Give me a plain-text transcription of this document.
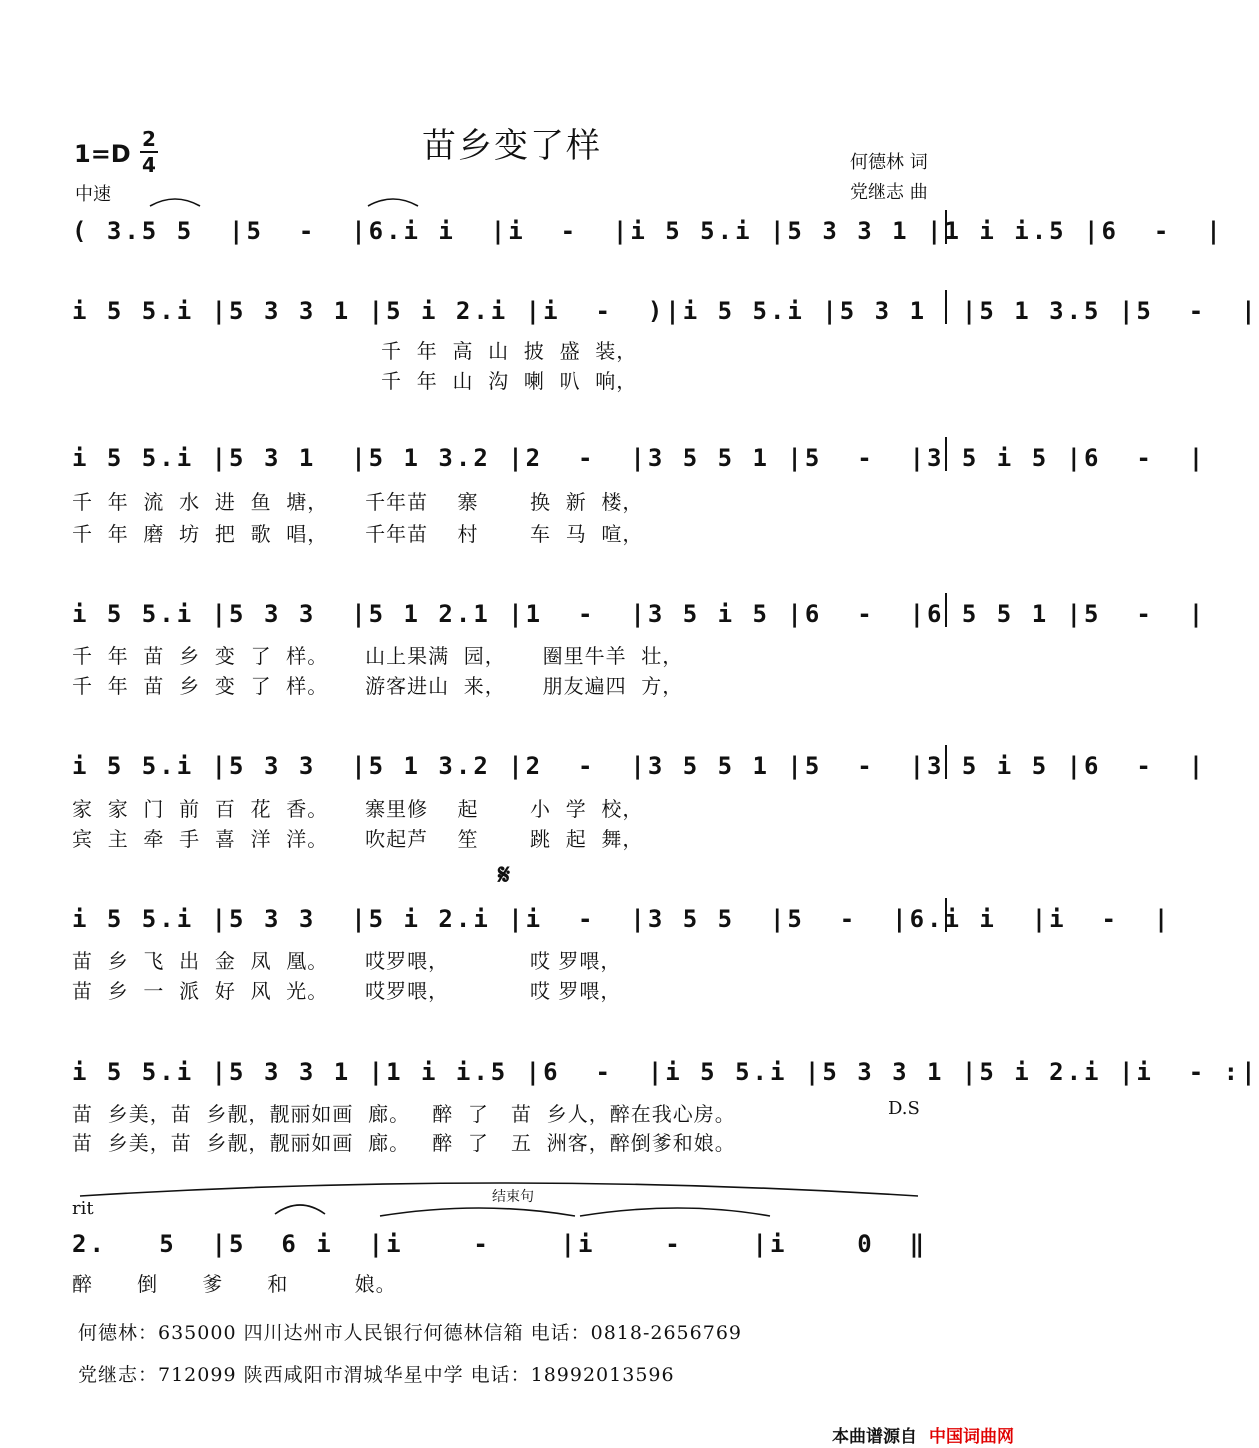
苗乡变了样
1=D
2
4
中速
何德林 词
党继志 曲
( 3.5 5  |5  -  |6.i i  |i  -  |i 5 5.i |5 3 3 1 |1 i i.5 |6  -  |
i 5 5.i |5 3 3 1 |5 i 2.i |i  -  )|i 5 5.i |5 3 1  |5 1 3.5 |5  -  |
千  年  高  山  披  盛  装，
千  年  山  沟  喇  叭  响，
i 5 5.i |5 3 1  |5 1 3.2 |2  -  |3 5 5 1 |5  -  |3 5 i 5 |6  -  |
千  年  流  水  进  鱼  塘，     千年苗    寨       换  新  楼，
千  年  磨  坊  把  歌  唱，     千年苗    村       车  马  喧，
i 5 5.i |5 3 3  |5 1 2.1 |1  -  |3 5 i 5 |6  -  |6 5 5 1 |5  -  |
千  年  苗  乡  变  了  样。     山上果满  园，     圈里牛羊  壮，
千  年  苗  乡  变  了  样。     游客进山  来，     朋友遍四  方，
i 5 5.i |5 3 3  |5 1 3.2 |2  -  |3 5 5 1 |5  -  |3 5 i 5 |6  -  |
家  家  门  前  百  花  香。     寨里修    起       小  学  校，
宾  主  牵  手  喜  洋  洋。     吹起芦    笙       跳  起  舞，
𝄋
i 5 5.i |5 3 3  |5 i 2.i |i  -  |3 5 5  |5  -  |6.i i  |i  -  |
苗  乡  飞  出  金  凤  凰。     哎罗喂，           哎 罗喂，
苗  乡  一  派  好  风  光。     哎罗喂，           哎 罗喂，
i 5 5.i |5 3 3 1 |1 i i.5 |6  -  |i 5 5.i |5 3 3 1 |5 i 2.i |i  - :|
苗  乡美，苗  乡靓，靓丽如画  廊。   醉  了   苗  乡人，醉在我心房。
苗  乡美，苗  乡靓，靓丽如画  廊。   醉  了   五  洲客，醉倒爹和娘。
D.S
rit
结束句
2.   5  |5  6 i  |i    -    |i    -    |i    0  ‖
醉      倒      爹      和         娘。
何德林：635000 四川达州市人民银行何德林信箱 电话：0818-2656769
党继志：712099 陕西咸阳市渭城华星中学 电话：18992013596
本曲谱源自 中国词曲网
